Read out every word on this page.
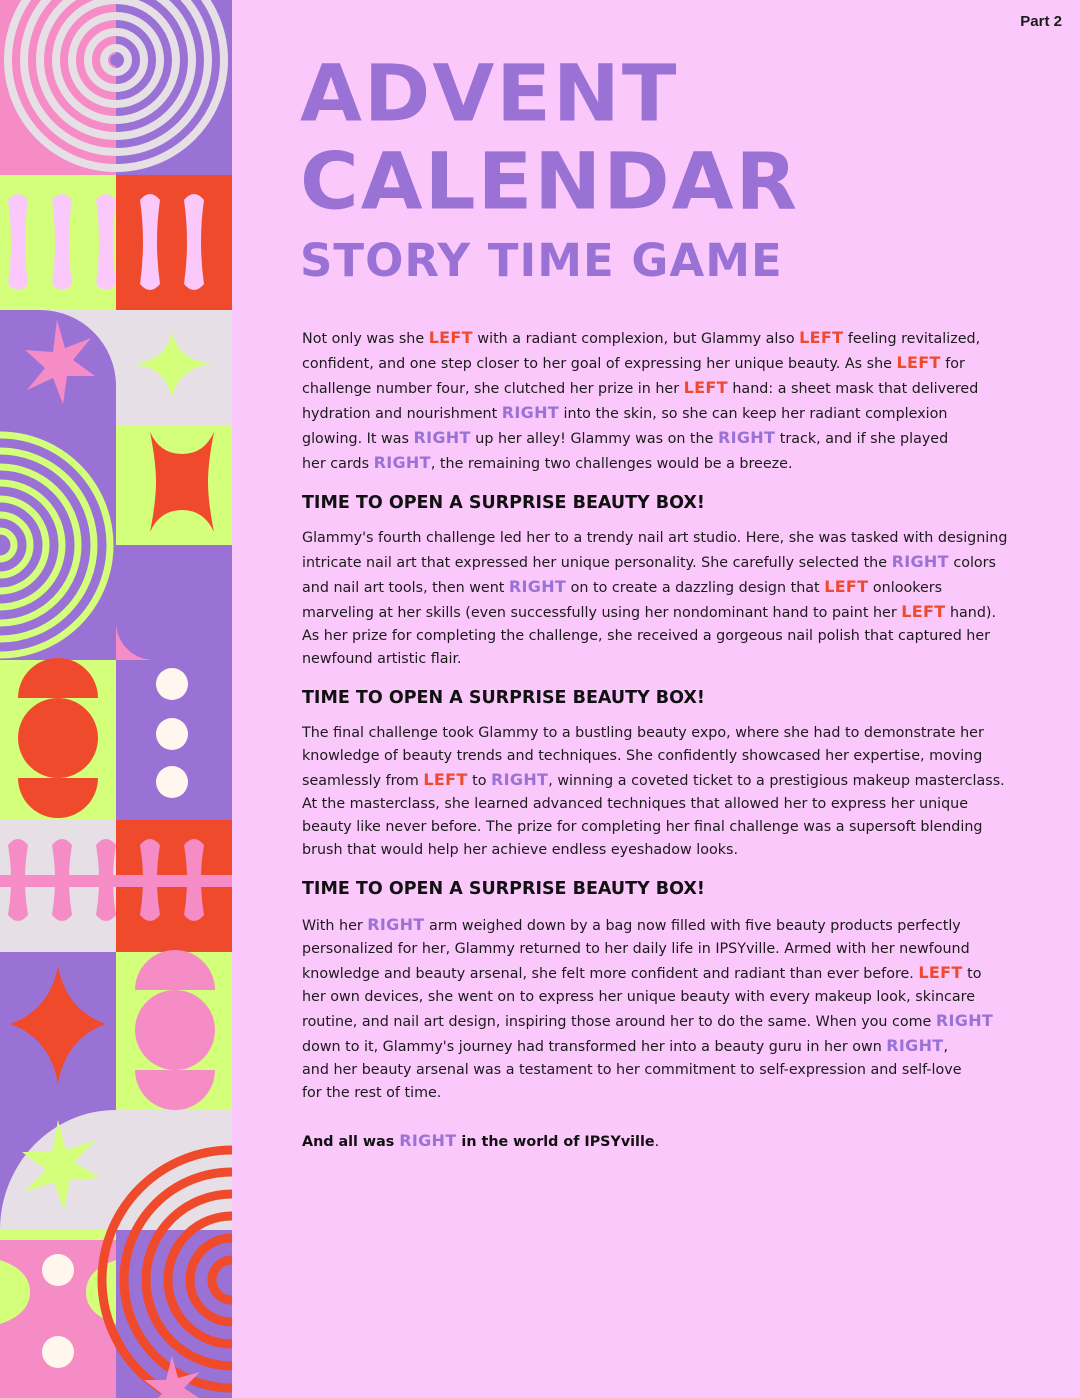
Part 2
ADVENT
CALENDAR
STORY TIME GAME

Not only was she LEFT with a radiant complexion, but Glammy also LEFT feeling revitalized,
confident, and one step closer to her goal of expressing her unique beauty. As she LEFT for
challenge number four, she clutched her prize in her LEFT hand: a sheet mask that delivered
hydration and nourishment RIGHT into the skin, so she can keep her radiant complexion
glowing. It was RIGHT up her alley! Glammy was on the RIGHT track, and if she played
her cards RIGHT, the remaining two challenges would be a breeze.

TIME TO OPEN A SURPRISE BEAUTY BOX!

Glammy's fourth challenge led her to a trendy nail art studio. Here, she was tasked with designing
intricate nail art that expressed her unique personality. She carefully selected the RIGHT colors
and nail art tools, then went RIGHT on to create a dazzling design that LEFT onlookers
marveling at her skills (even successfully using her nondominant hand to paint her LEFT hand).
As her prize for completing the challenge, she received a gorgeous nail polish that captured her
newfound artistic flair.

TIME TO OPEN A SURPRISE BEAUTY BOX!

The final challenge took Glammy to a bustling beauty expo, where she had to demonstrate her
knowledge of beauty trends and techniques. She confidently showcased her expertise, moving
seamlessly from LEFT to RIGHT, winning a coveted ticket to a prestigious makeup masterclass.
At the masterclass, she learned advanced techniques that allowed her to express her unique
beauty like never before. The prize for completing her final challenge was a supersoft blending
brush that would help her achieve endless eyeshadow looks.

TIME TO OPEN A SURPRISE BEAUTY BOX!

With her RIGHT arm weighed down by a bag now filled with five beauty products perfectly
personalized for her, Glammy returned to her daily life in IPSYville. Armed with her newfound
knowledge and beauty arsenal, she felt more confident and radiant than ever before. LEFT to
her own devices, she went on to express her unique beauty with every makeup look, skincare
routine, and nail art design, inspiring those around her to do the same. When you come RIGHT
down to it, Glammy's journey had transformed her into a beauty guru in her own RIGHT,
and her beauty arsenal was a testament to her commitment to self-expression and self-love
for the rest of time.

And all was RIGHT in the world of IPSYville.
